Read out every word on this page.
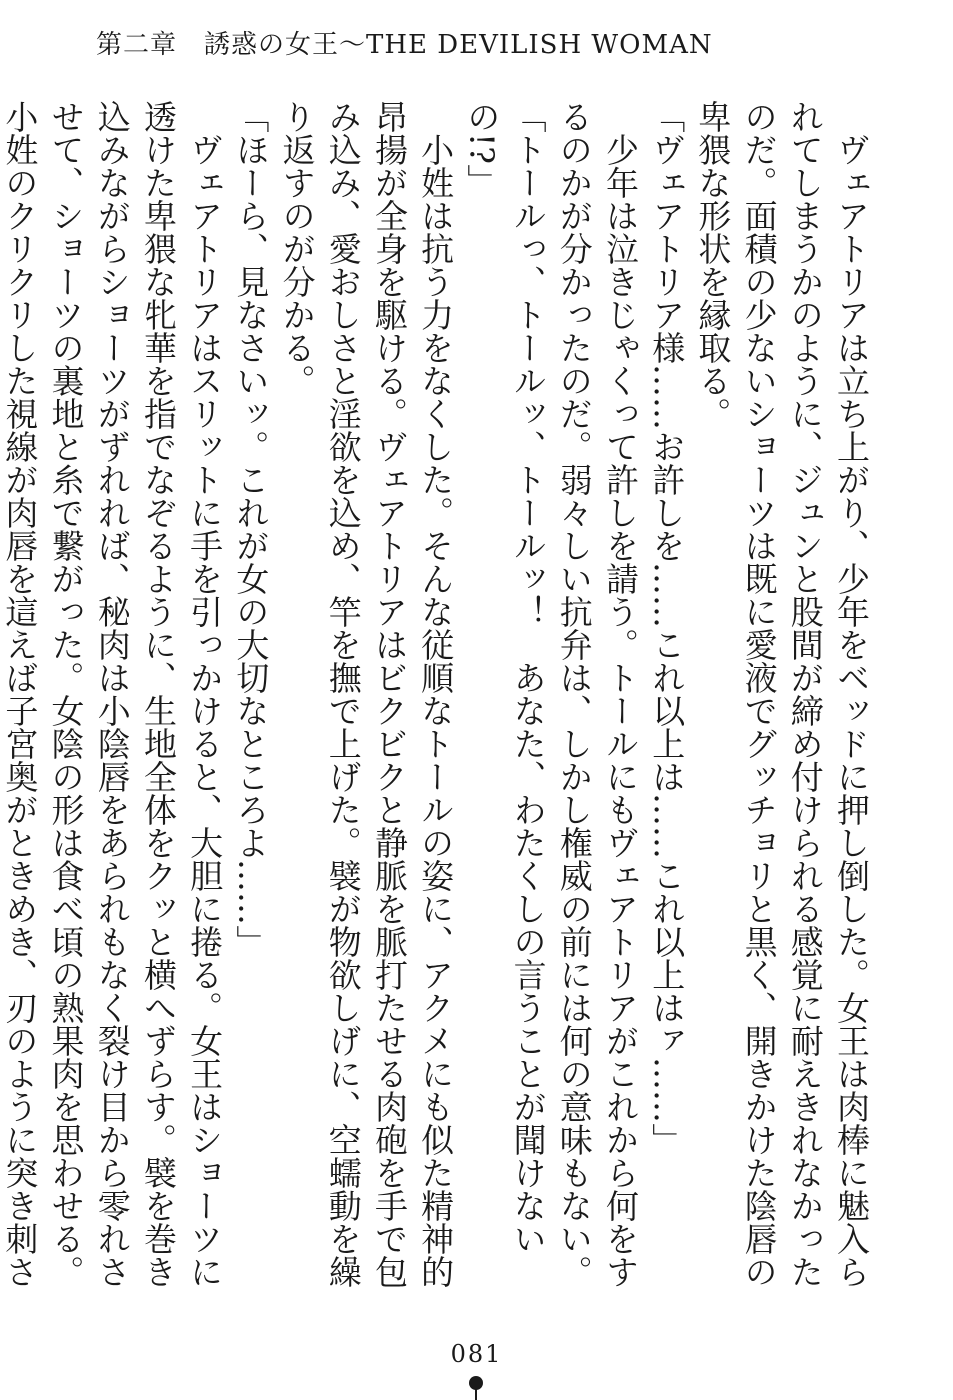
第二章　誘惑の女王〜THE DEVILISH WOMAN

　ヴェアトリアは立ち上がり、少年をベッドに押し倒した。女王は肉棒に魅入られてしまうかのように、ジュンと股間が締め付けられる感覚に耐えきれなかったのだ。面積の少ないショーツは既に愛液でグッチョリと黒く、開きかけた陰唇の卑猥な形状を縁取る。

「ヴェアトリア様……お許しを……これ以上は……これ以上はァ……」

　少年は泣きじゃくって許しを請う。トールにもヴェアトリアがこれから何をするのかが分かったのだ。弱々しい抗弁は、しかし権威の前には何の意味もない。

「トールっ、トールッ、トールッ！　あなた、わたくしの言うことが聞けないの!?」

　小姓は抗う力をなくした。そんな従順なトールの姿に、アクメにも似た精神的昂揚が全身を駆ける。ヴェアトリアはビクビクと静脈を脈打たせる肉砲を手で包み込み、愛おしさと淫欲を込め、竿を撫で上げた。襞が物欲しげに、空蠕動を繰り返すのが分かる。

「ほーら、見なさいッ。これが女の大切なところよ……」

　ヴェアトリアはスリットに手を引っかけると、大胆に捲る。女王はショーツに透けた卑猥な牝華を指でなぞるように、生地全体をクッと横へずらす。襞を巻き込みながらショーツがずれれば、秘肉は小陰唇をあられもなく裂け目から零れさせて、ショーツの裏地と糸で繋がった。女陰の形は食べ頃の熟果肉を思わせる。小姓のクリクリした視線が肉唇を這えば子宮奥がときめき、刃のように突き刺さ

081
